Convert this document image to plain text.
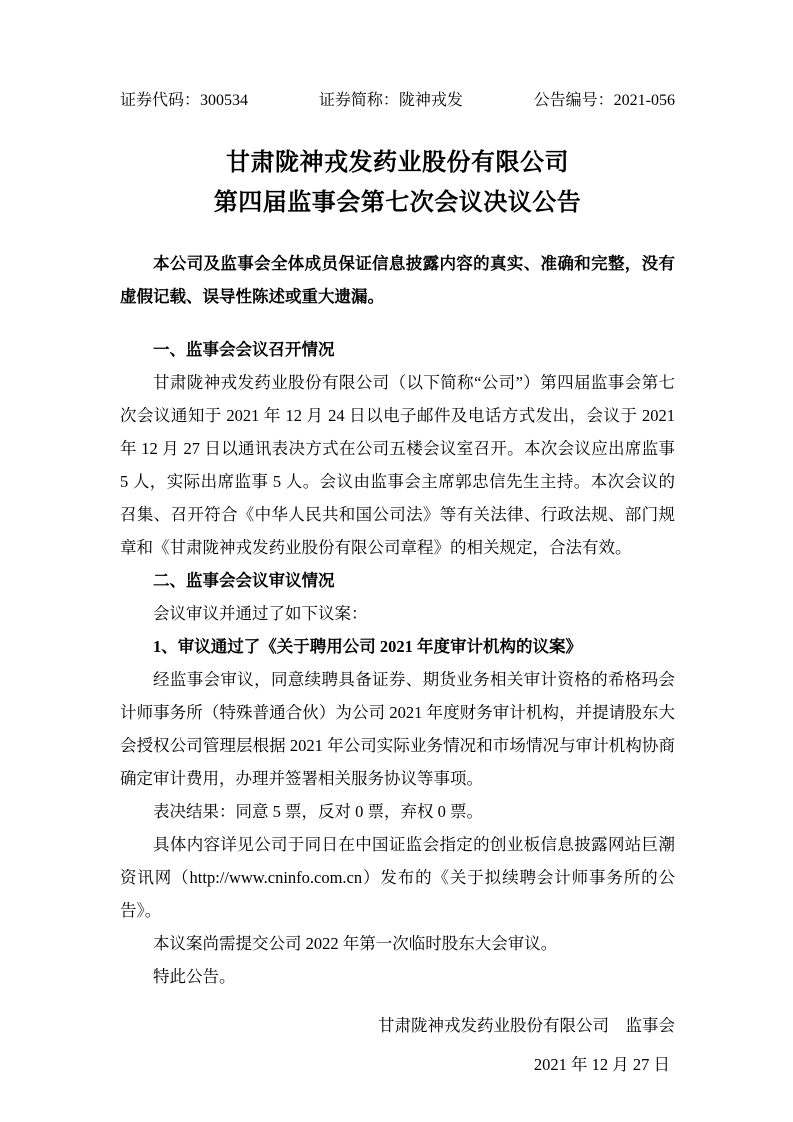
证券代码：300534	证券简称：陇神戎发	公告编号：2021-056
甘肃陇神戎发药业股份有限公司
第四届监事会第七次会议决议公告

本公司及监事会全体成员保证信息披露内容的真实、准确和完整，没有虚假记载、误导性陈述或重大遗漏。

一、监事会会议召开情况

甘肃陇神戎发药业股份有限公司（以下简称“公司”）第四届监事会第七次会议通知于 2021 年 12 月 24 日以电子邮件及电话方式发出，会议于 2021 年 12 月 27 日以通讯表决方式在公司五楼会议室召开。本次会议应出席监事 5 人，实际出席监事 5 人。会议由监事会主席郭忠信先生主持。本次会议的召集、召开符合《中华人民共和国公司法》等有关法律、行政法规、部门规章和《甘肃陇神戎发药业股份有限公司章程》的相关规定，合法有效。

二、监事会会议审议情况

会议审议并通过了如下议案：

1、审议通过了《关于聘用公司 2021 年度审计机构的议案》

经监事会审议，同意续聘具备证券、期货业务相关审计资格的希格玛会计师事务所（特殊普通合伙）为公司 2021 年度财务审计机构，并提请股东大会授权公司管理层根据 2021 年公司实际业务情况和市场情况与审计机构协商确定审计费用，办理并签署相关服务协议等事项。

表决结果：同意 5 票，反对 0 票，弃权 0 票。

具体内容详见公司于同日在中国证监会指定的创业板信息披露网站巨潮资讯网（http://www.cninfo.com.cn）发布的《关于拟续聘会计师事务所的公告》。

本议案尚需提交公司 2022 年第一次临时股东大会审议。

特此公告。

甘肃陇神戎发药业股份有限公司　监事会

2021 年 12 月 27 日
